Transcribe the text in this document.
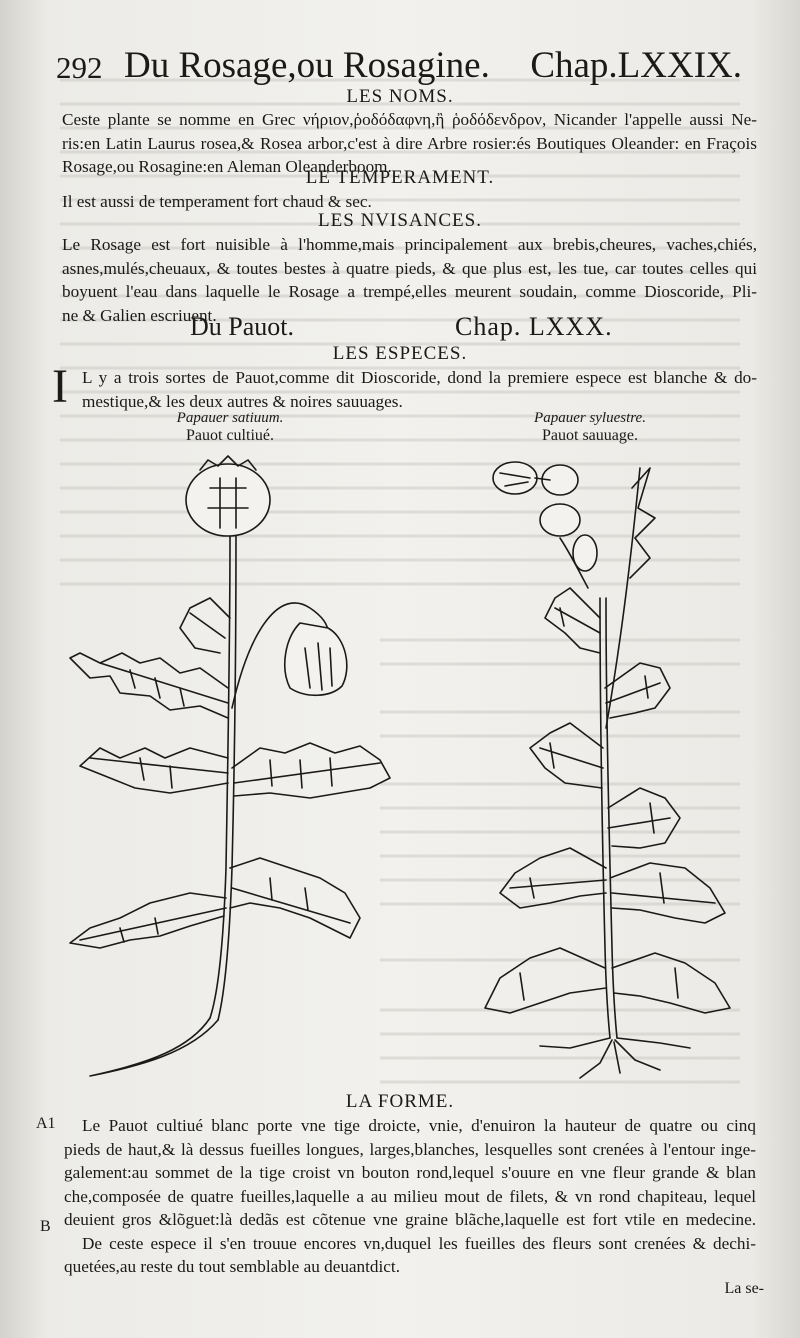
292 Du Rosage,ou Rosagine. Chap.LXXIX.
LES NOMS.
Ceste plante se nomme en Grec νήριον,ῥοδόδαφνη,ἢ ῥοδόδενδρον, Nicander l'appelle aussi Ne-
ris:en Latin Laurus rosea,& Rosea arbor,c'est à dire Arbre rosier:és Boutiques Oleander: en Fraçois
Rosage,ou Rosagine:en Aleman Oleanderboom.
LE TEMPERAMENT.
Il est aussi de temperament fort chaud & sec.
LES NVISANCES.
Le Rosage est fort nuisible à l'homme,mais principalement aux brebis,cheures, vaches,chiés,
asnes,mulés,cheuaux, & toutes bestes à quatre pieds, & que plus est, les tue, car toutes celles qui
boyuent l'eau dans laquelle le Rosage a trempé,elles meurent soudain, comme Dioscoride, Pli-
ne & Galien escriuent.
Du Pauot.	Chap. LXXX.
LES ESPECES.
I L y a trois sortes de Pauot,comme dit Dioscoride, dond la premiere espece est blanche & do-
mestique,& les deux autres & noires sauuages.
Papauer satiuum.
Pauot cultiué.
Papauer syluestre.
Pauot sauuage.
LA FORME.
A1
B
Le Pauot cultiué blanc porte vne tige droicte, vnie, d'enuiron la hauteur de quatre ou cinq
pieds de haut,& là dessus fueilles longues, larges,blanches, lesquelles sont crenées à l'entour inge-
galement:au sommet de la tige croist vn bouton rond,lequel s'ouure en vne fleur grande & blan
che,composée de quatre fueilles,laquelle a au milieu mout de filets, & vn rond chapiteau, lequel
deuient gros &lõguet:là dedãs est cõtenue vne graine blãche,laquelle est fort vtile en medecine.
De ceste espece il s'en trouue encores vn,duquel les fueilles des fleurs sont crenées & dechi-
quetées,au reste du tout semblable au deuantdict.
La se-
